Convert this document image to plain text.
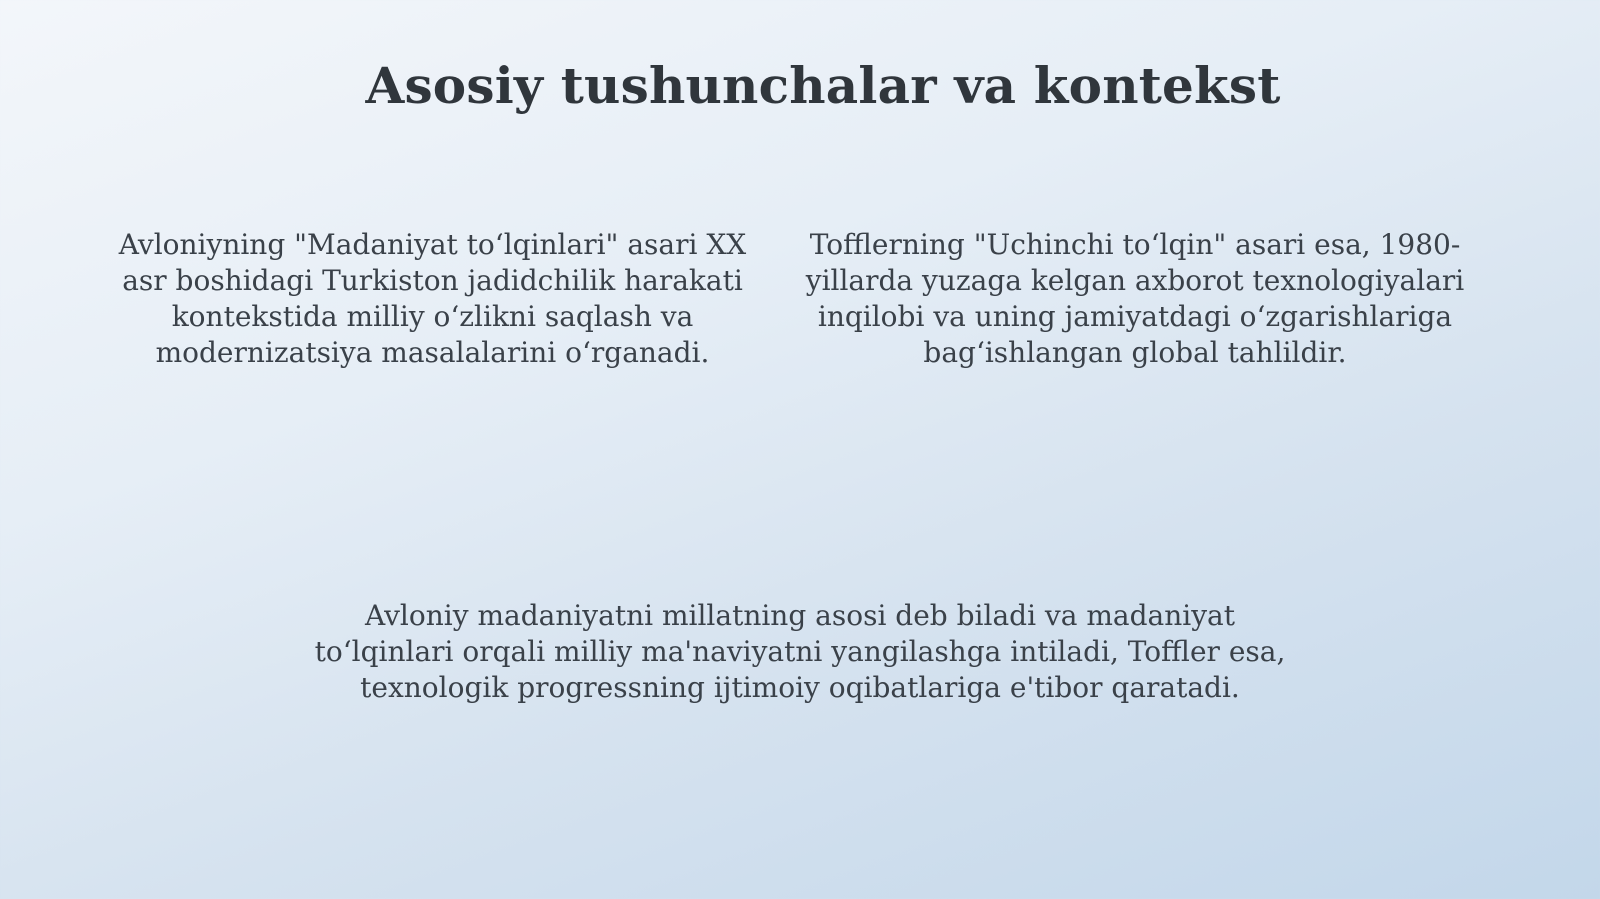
Asosiy tushunchalar va kontekst

Avloniyning "Madaniyat to‘lqinlari" asari XX asr boshidagi Turkiston jadidchilik harakati kontekstida milliy o‘zlikni saqlash va modernizatsiya masalalarini o‘rganadi.

Tofflerning "Uchinchi to‘lqin" asari esa, 1980-yillarda yuzaga kelgan axborot texnologiyalari inqilobi va uning jamiyatdagi o‘zgarishlariga bag‘ishlangan global tahlildir.

Avloniy madaniyatni millatning asosi deb biladi va madaniyat to‘lqinlari orqali milliy ma'naviyatni yangilashga intiladi, Toffler esa, texnologik progressning ijtimoiy oqibatlariga e'tibor qaratadi.
